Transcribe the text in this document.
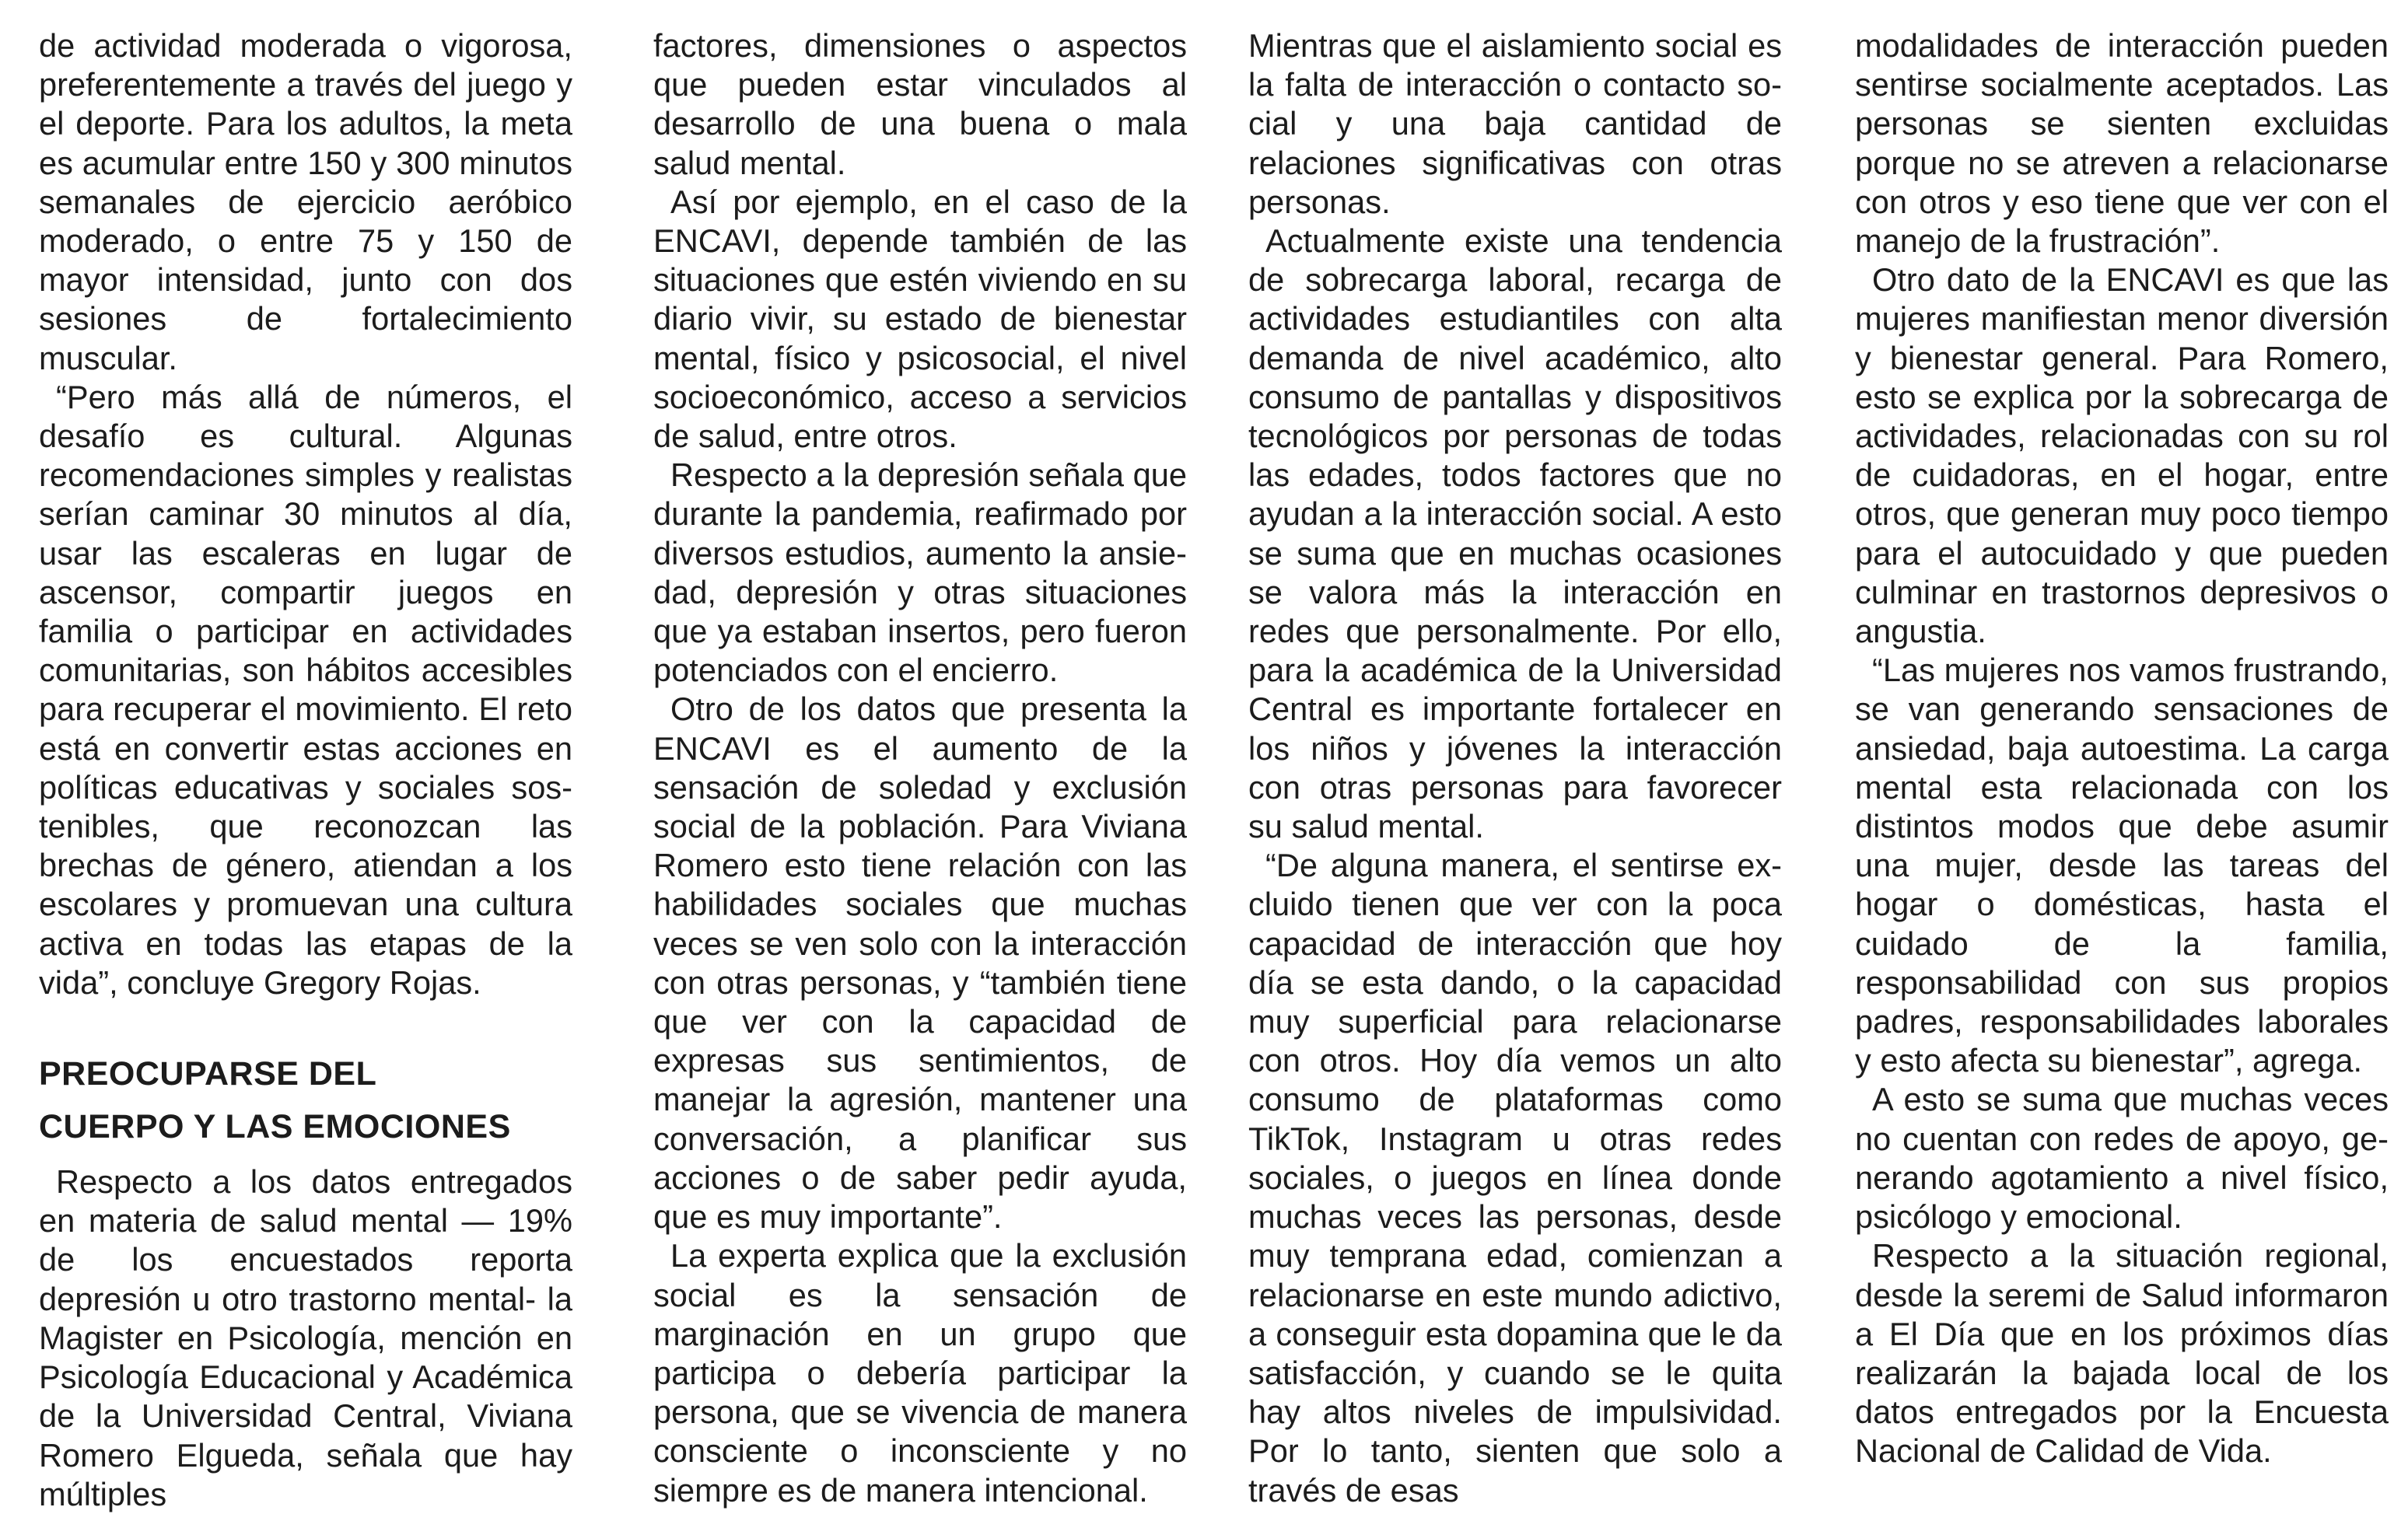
de actividad moderada o vigorosa, preferentemente a través del juego y el deporte. Para los adultos, la meta es acumular entre 150 y 300 minutos semanales de ejercicio aeróbico moderado, o entre 75 y 150 de mayor intensidad, junto con dos sesiones de fortalecimiento muscular.

“Pero más allá de números, el desafío es cultural. Algunas recomendaciones simples y realistas serían caminar 30 minutos al día, usar las escaleras en lugar de ascensor, compartir juegos en familia o participar en actividades comunitarias, son hábitos accesibles para recuperar el movimiento. El reto está en convertir estas acciones en políticas educativas y sociales sostenibles, que reconozcan las brechas de género, atiendan a los escolares y promuevan una cultura activa en todas las etapas de la vida”, concluye Gregory Rojas.

PREOCUPARSE DEL
CUERPO Y LAS EMOCIONES

Respecto a los datos entregados en materia de salud mental — 19% de los encuestados reporta depresión u otro trastorno mental- la Magister en Psicología, mención en Psicología Educacional y Académica de la Universidad Central, Viviana Romero Elgueda, señala que hay múltiples

factores, dimensiones o aspectos que pueden estar vinculados al desarrollo de una buena o mala salud mental.

Así por ejemplo, en el caso de la ENCAVI, depende también de las situaciones que estén viviendo en su diario vivir, su estado de bienestar mental, físico y psicosocial, el nivel socioeconómico, acceso a servicios de salud, entre otros.

Respecto a la depresión señala que durante la pandemia, reafirmado por diversos estudios, aumento la ansiedad, depresión y otras situaciones que ya estaban insertos, pero fueron potenciados con el encierro.

Otro de los datos que presenta la ENCAVI es el aumento de la sensación de soledad y exclusión social de la población. Para Viviana Romero esto tiene relación con las habilidades sociales que muchas veces se ven solo con la interacción con otras personas, y “también tiene que ver con la capacidad de expresas sus sentimientos, de manejar la agresión, mantener una conversación, a planificar sus acciones o de saber pedir ayuda, que es muy importante”.

La experta explica que la exclusión social es la sensación de marginación en un grupo que participa o debería participar la persona, que se vivencia de manera consciente o inconsciente y no siempre es de manera intencional.

Mientras que el aislamiento social es la falta de interacción o contacto social y una baja cantidad de relaciones significativas con otras personas.

Actualmente existe una tendencia de sobrecarga laboral, recarga de actividades estudiantiles con alta demanda de nivel académico, alto consumo de pantallas y dispositivos tecnológicos por personas de todas las edades, todos factores que no ayudan a la interacción social. A esto se suma que en muchas ocasiones se valora más la interacción en redes que personalmente. Por ello, para la académica de la Universidad Central es importante fortalecer en los niños y jóvenes la interacción con otras personas para favorecer su salud mental.

“De alguna manera, el sentirse excluido tienen que ver con la poca capacidad de interacción que hoy día se esta dando, o la capacidad muy superficial para relacionarse con otros. Hoy día vemos un alto consumo de plataformas como TikTok, Instagram u otras redes sociales, o juegos en línea donde muchas veces las personas, desde muy temprana edad, comienzan a relacionarse en este mundo adictivo, a conseguir esta dopamina que le da satisfacción, y cuando se le quita hay altos niveles de impulsividad. Por lo tanto, sienten que solo a través de esas

modalidades de interacción pueden sentirse socialmente aceptados. Las personas se sienten excluidas porque no se atreven a relacionarse con otros y eso tiene que ver con el manejo de la frustración”.

Otro dato de la ENCAVI es que las mujeres manifiestan menor diversión y bienestar general. Para Romero, esto se explica por la sobrecarga de actividades, relacionadas con su rol de cuidadoras, en el hogar, entre otros, que generan muy poco tiempo para el autocuidado y que pueden culminar en trastornos depresivos o angustia.

“Las mujeres nos vamos frustrando, se van generando sensaciones de ansiedad, baja autoestima. La carga mental esta relacionada con los distintos modos que debe asumir una mujer, desde las tareas del hogar o domésticas, hasta el cuidado de la familia, responsabilidad con sus propios padres, responsabilidades laborales y esto afecta su bienestar”, agrega.

A esto se suma que muchas veces no cuentan con redes de apoyo, generando agotamiento a nivel físico, psicólogo y emocional.

Respecto a la situación regional, desde la seremi de Salud informaron a El Día que en los próximos días realizarán la bajada local de los datos entregados por la Encuesta Nacional de Calidad de Vida.
